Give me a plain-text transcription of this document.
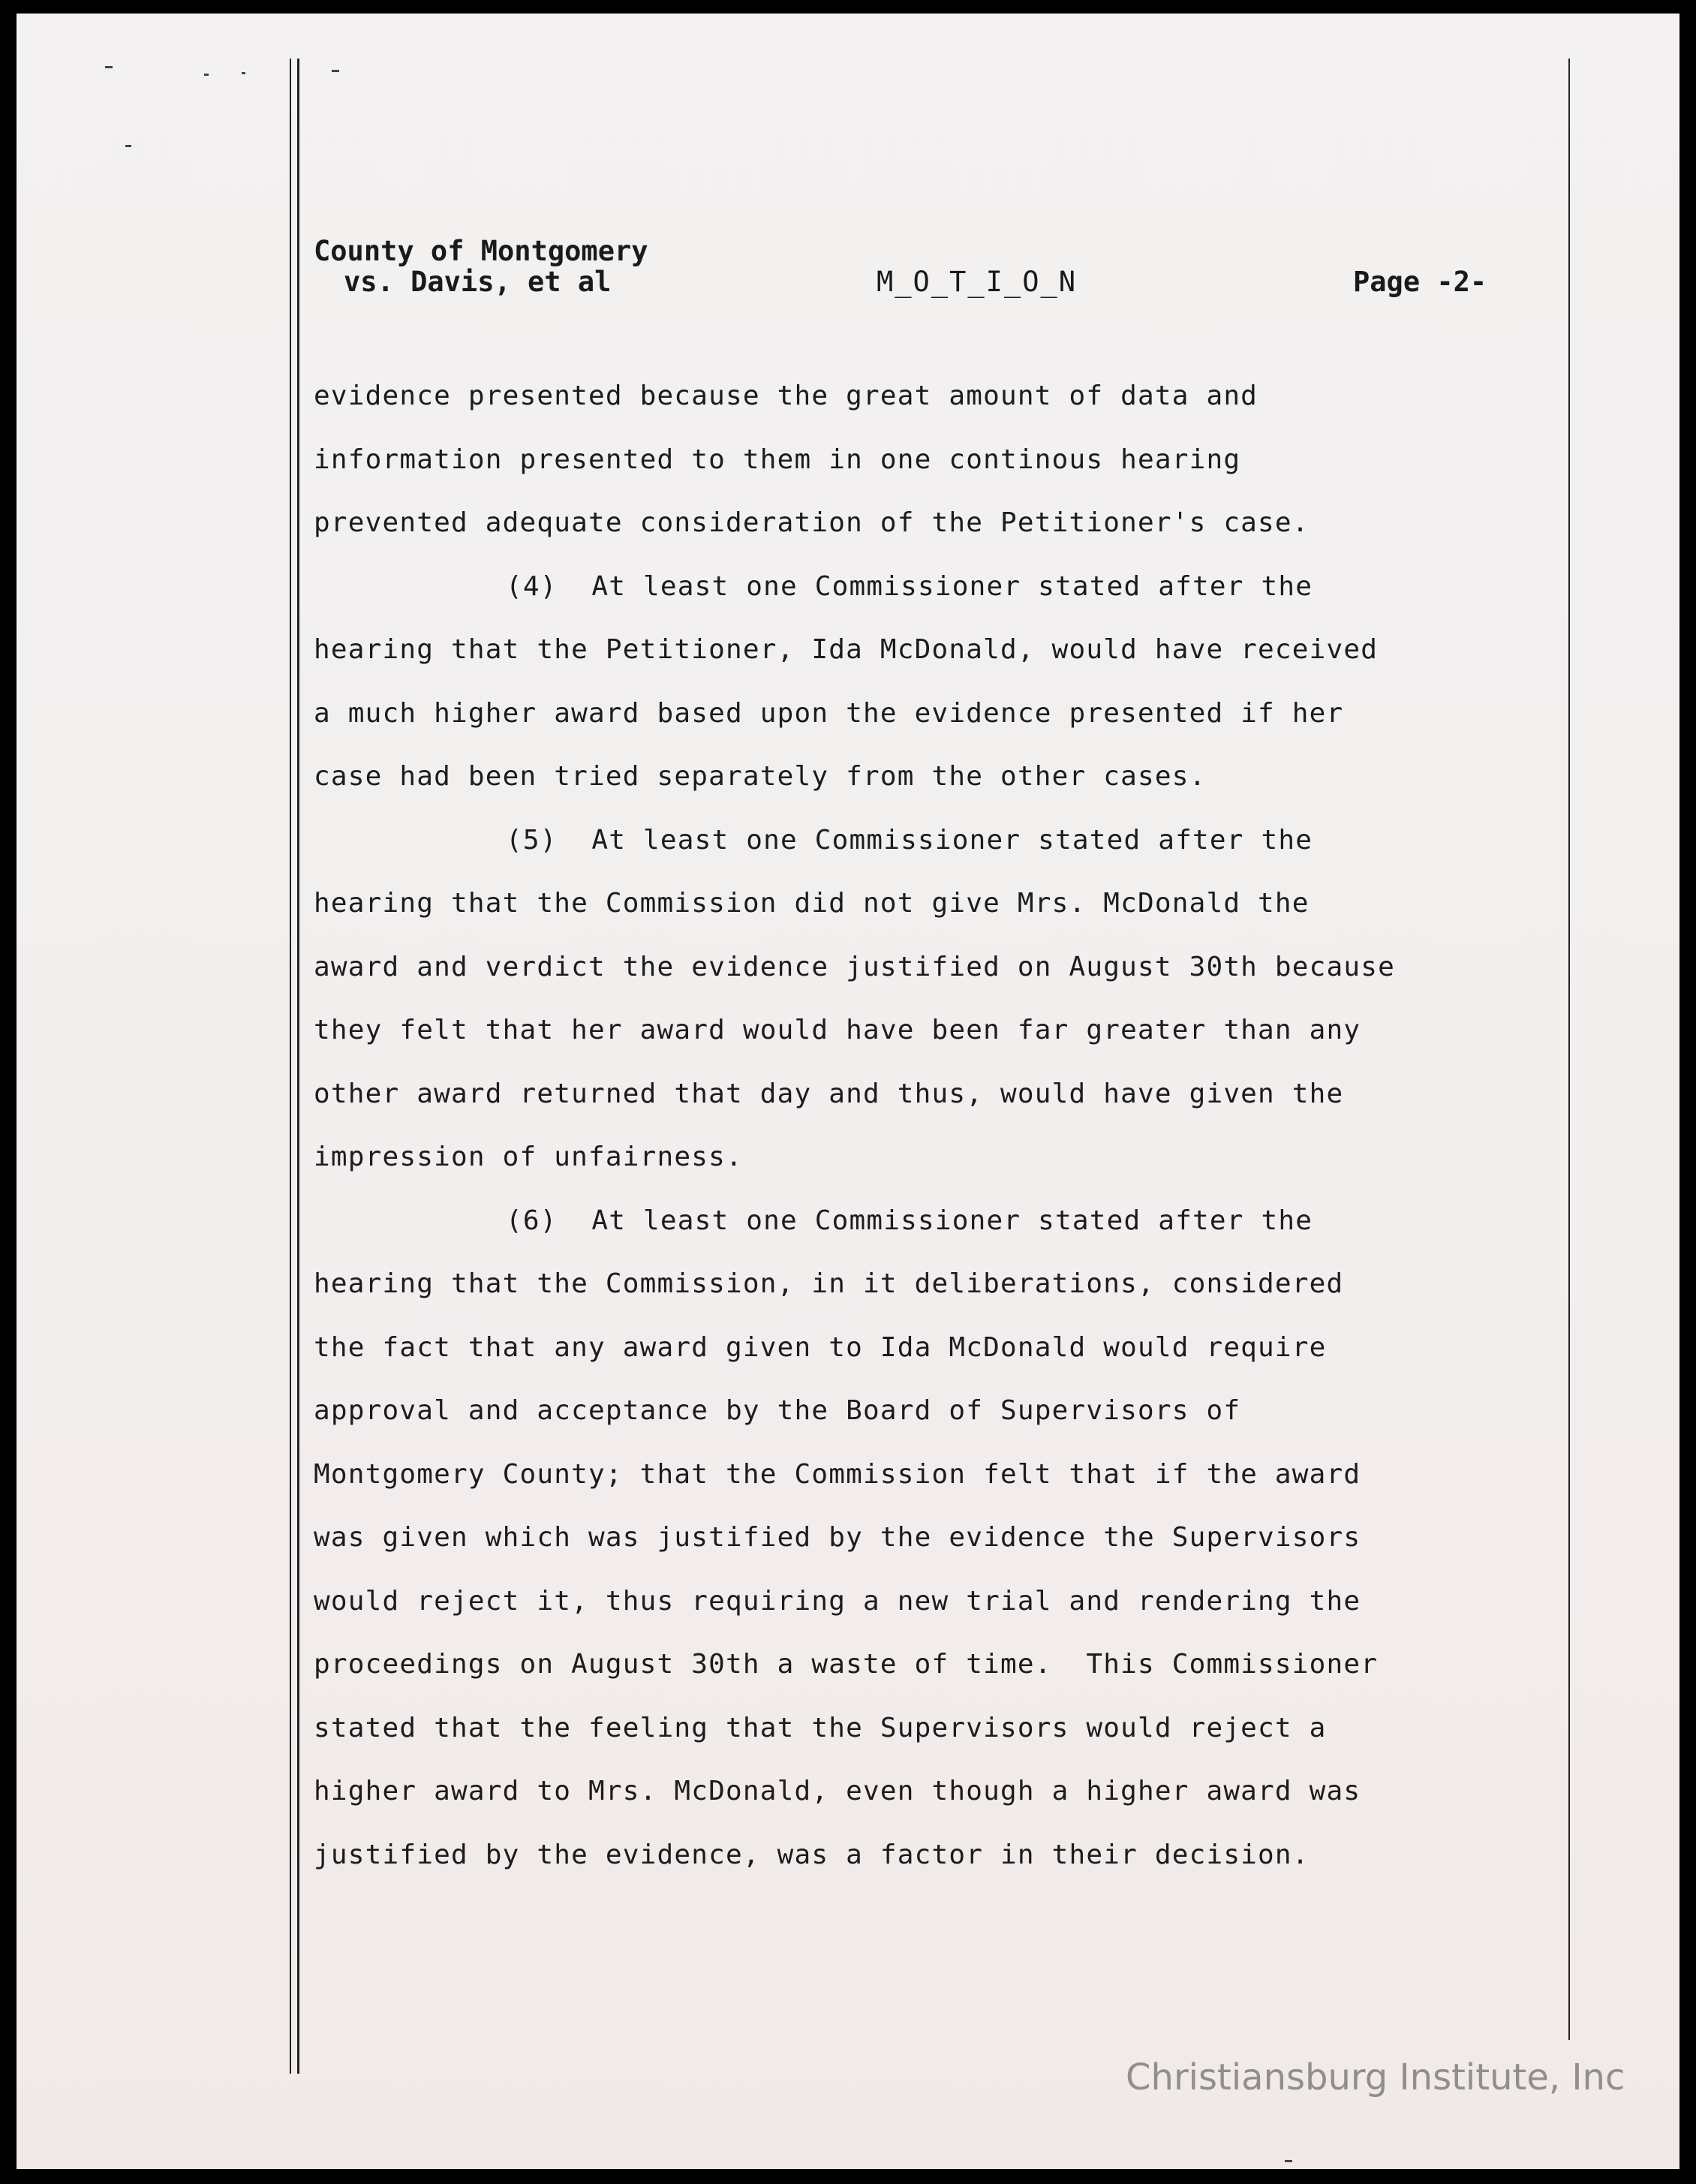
County of Montgomery
vs. Davis, et al	M_O_T_I_O_N	Page -2-
evidence presented because the great amount of data and
information presented to them in one continous hearing
prevented adequate consideration of the Petitioner's case.
(4)  At least one Commissioner stated after the
hearing that the Petitioner, Ida McDonald, would have received
a much higher award based upon the evidence presented if her
case had been tried separately from the other cases.
(5)  At least one Commissioner stated after the
hearing that the Commission did not give Mrs. McDonald the
award and verdict the evidence justified on August 30th because
they felt that her award would have been far greater than any
other award returned that day and thus, would have given the
impression of unfairness.
(6)  At least one Commissioner stated after the
hearing that the Commission, in it deliberations, considered
the fact that any award given to Ida McDonald would require
approval and acceptance by the Board of Supervisors of
Montgomery County; that the Commission felt that if the award
was given which was justified by the evidence the Supervisors
would reject it, thus requiring a new trial and rendering the
proceedings on August 30th a waste of time.  This Commissioner
stated that the feeling that the Supervisors would reject a
higher award to Mrs. McDonald, even though a higher award was
justified by the evidence, was a factor in their decision.
Christiansburg Institute, Inc
